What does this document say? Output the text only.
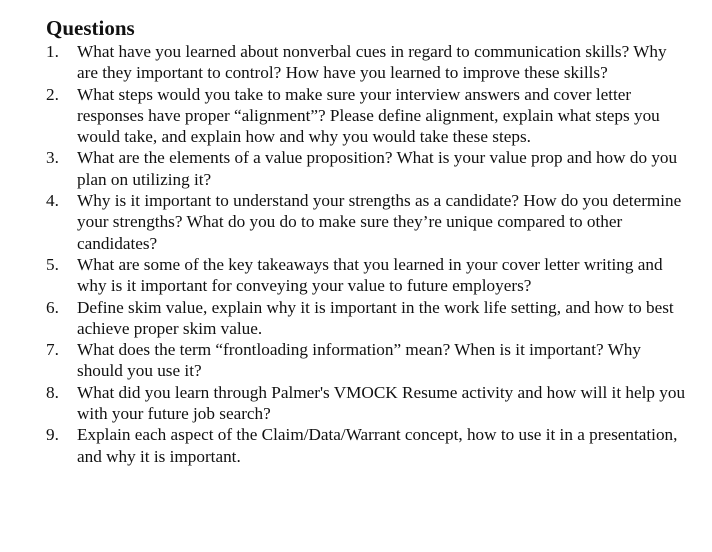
Questions
1. What have you learned about nonverbal cues in regard to communication skills? Why are they important to control? How have you learned to improve these skills?
2. What steps would you take to make sure your interview answers and cover letter responses have proper “alignment”? Please define alignment, explain what steps you would take, and explain how and why you would take these steps.
3. What are the elements of a value proposition? What is your value prop and how do you plan on utilizing it?
4. Why is it important to understand your strengths as a candidate? How do you determine your strengths? What do you do to make sure they’re unique compared to other candidates?
5. What are some of the key takeaways that you learned in your cover letter writing and why is it important for conveying your value to future employers?
6. Define skim value, explain why it is important in the work life setting, and how to best achieve proper skim value.
7. What does the term “frontloading information” mean? When is it important? Why should you use it?
8. What did you learn through Palmer's VMOCK Resume activity and how will it help you with your future job search?
9. Explain each aspect of the Claim/Data/Warrant concept, how to use it in a presentation, and why it is important.
